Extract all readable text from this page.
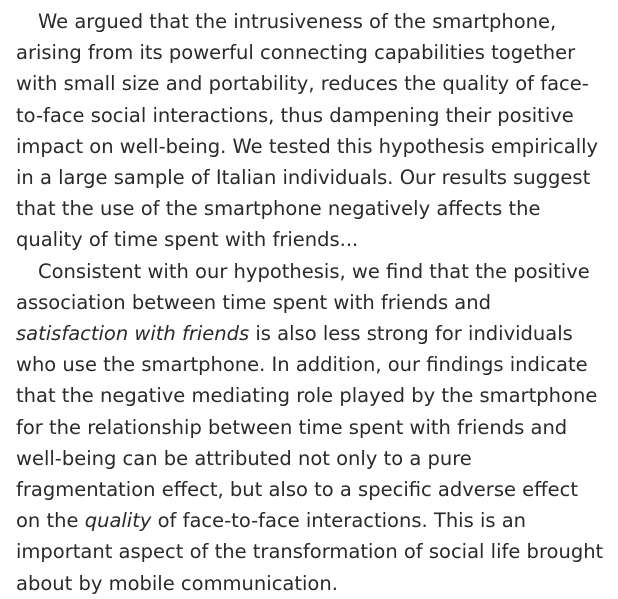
We argued that the intrusiveness of the smartphone, arising from its powerful connecting capabilities together with small size and portability, reduces the quality of face-to-face social interactions, thus dampening their positive impact on well-being. We tested this hypothesis empirically in a large sample of Italian individuals. Our results suggest that the use of the smartphone negatively affects the quality of time spent with friends...

Consistent with our hypothesis, we find that the positive association between time spent with friends and satisfaction with friends is also less strong for individuals who use the smartphone. In addition, our findings indicate that the negative mediating role played by the smartphone for the relationship between time spent with friends and well-being can be attributed not only to a pure fragmentation effect, but also to a specific adverse effect on the quality of face-to-face interactions. This is an important aspect of the transformation of social life brought about by mobile communication.
